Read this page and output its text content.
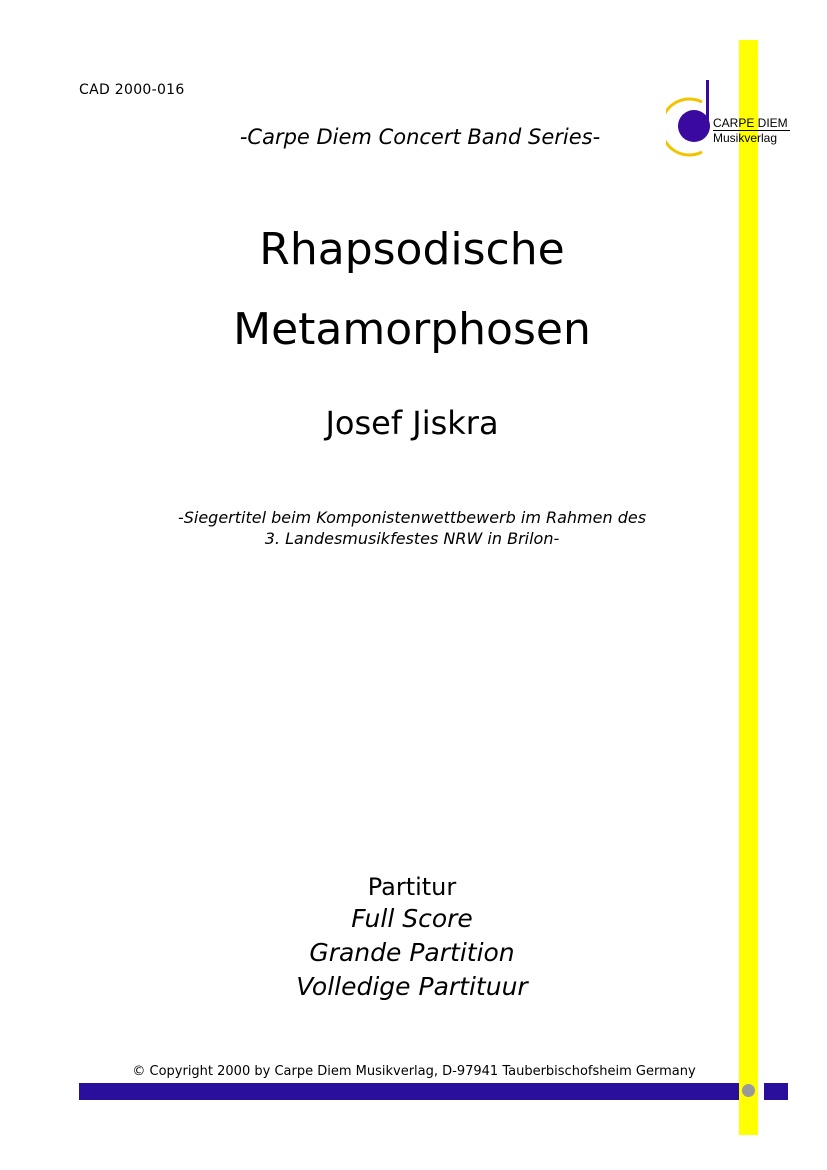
CAD 2000-016
-Carpe Diem Concert Band Series-
CARPE DIEM
Musikverlag
Rhapsodische
Metamorphosen
Josef Jiskra
-Siegertitel beim Komponistenwettbewerb im Rahmen des
3. Landesmusikfestes NRW in Brilon-
Partitur
Full Score
Grande Partition
Volledige Partituur
© Copyright 2000 by Carpe Diem Musikverlag, D-97941 Tauberbischofsheim Germany
